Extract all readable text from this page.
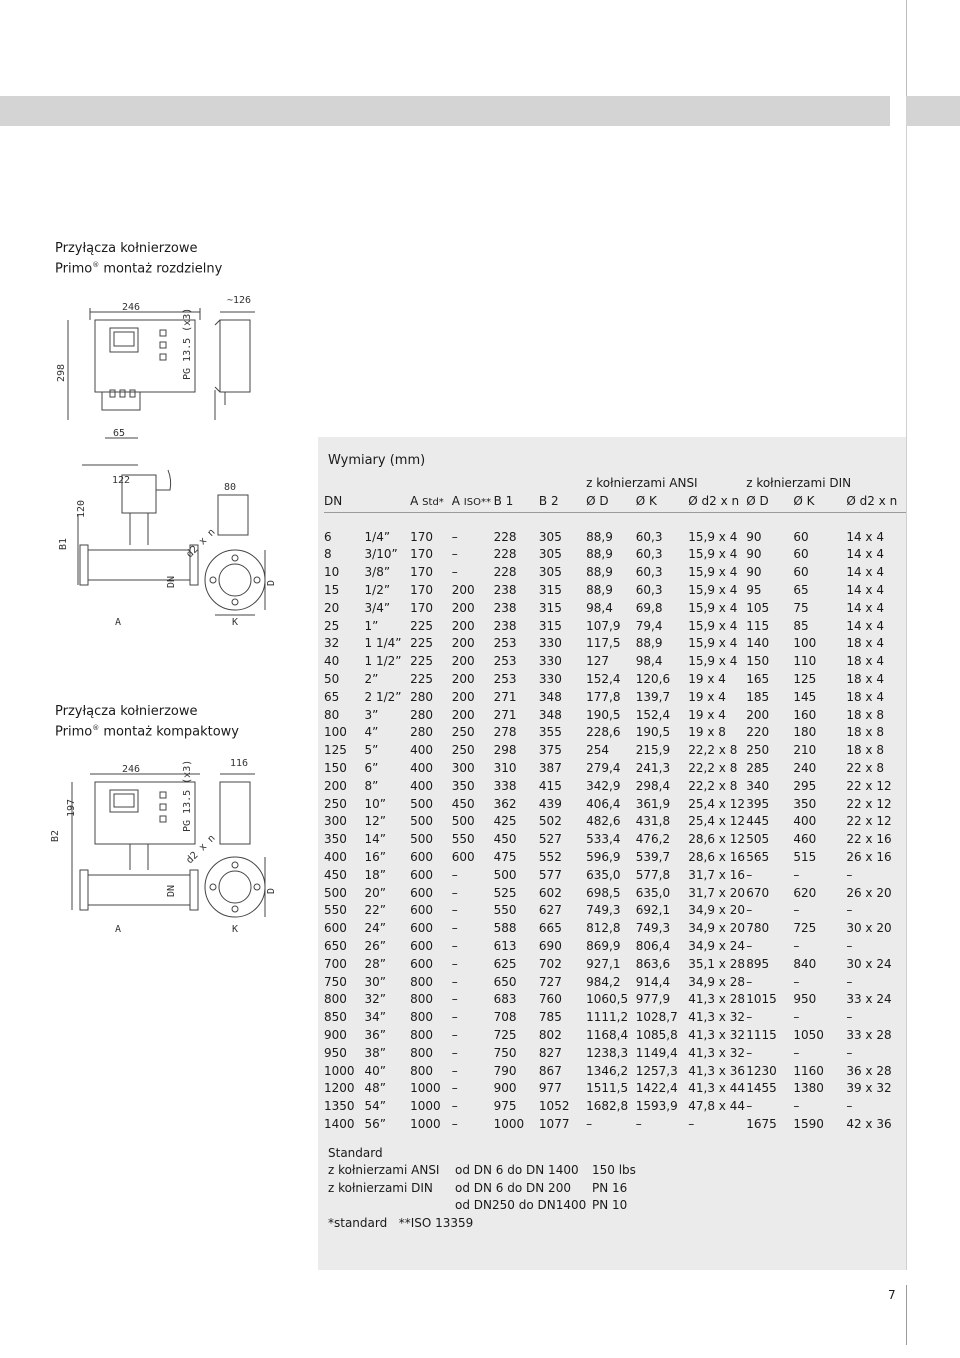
7
Przyłącza kołnierzowe
Primo® montaż rozdzielny
Przyłącza kołnierzowe
Primo® montaż kompaktowy
246
~126
298
65
PG 13.5 (x3)
122
120
80
B1
A
DN
K
D
d2 x n
246
116
197	PG 13.5 (x3)
B2
A
DN
K
D
d2 x n
Wymiary (mm)
						z kołnierzami ANSI			z kołnierzami DIN		
DN		A Std*	A ISO**	B 1	B 2	Ø D	Ø K	Ø d2 x n	Ø D	Ø K	Ø d2 x n

6	1/4”	170	–	228	305	88,9	60,3	15,9 x 4	90	60	14 x 4
8	3/10”	170	–	228	305	88,9	60,3	15,9 x 4	90	60	14 x 4
10	3/8”	170	–	228	305	88,9	60,3	15,9 x 4	90	60	14 x 4
15	1/2”	170	200	238	315	88,9	60,3	15,9 x 4	95	65	14 x 4
20	3/4”	170	200	238	315	98,4	69,8	15,9 x 4	105	75	14 x 4
25	1”	225	200	238	315	107,9	79,4	15,9 x 4	115	85	14 x 4
32	1 1/4”	225	200	253	330	117,5	88,9	15,9 x 4	140	100	18 x 4
40	1 1/2”	225	200	253	330	127	98,4	15,9 x 4	150	110	18 x 4
50	2”	225	200	253	330	152,4	120,6	19 x 4	165	125	18 x 4
65	2 1/2”	280	200	271	348	177,8	139,7	19 x 4	185	145	18 x 4
80	3”	280	200	271	348	190,5	152,4	19 x 4	200	160	18 x 8
100	4”	280	250	278	355	228,6	190,5	19 x 8	220	180	18 x 8
125	5”	400	250	298	375	254	215,9	22,2 x 8	250	210	18 x 8
150	6”	400	300	310	387	279,4	241,3	22,2 x 8	285	240	22 x 8
200	8”	400	350	338	415	342,9	298,4	22,2 x 8	340	295	22 x 12
250	10”	500	450	362	439	406,4	361,9	25,4 x 12	395	350	22 x 12
300	12”	500	500	425	502	482,6	431,8	25,4 x 12	445	400	22 x 12
350	14”	500	550	450	527	533,4	476,2	28,6 x 12	505	460	22 x 16
400	16”	600	600	475	552	596,9	539,7	28,6 x 16	565	515	26 x 16
450	18”	600	–	500	577	635,0	577,8	31,7 x 16	–	–	–
500	20”	600	–	525	602	698,5	635,0	31,7 x 20	670	620	26 x 20
550	22”	600	–	550	627	749,3	692,1	34,9 x 20	–	–	–
600	24”	600	–	588	665	812,8	749,3	34,9 x 20	780	725	30 x 20
650	26”	600	–	613	690	869,9	806,4	34,9 x 24	–	–	–
700	28”	600	–	625	702	927,1	863,6	35,1 x 28	895	840	30 x 24
750	30”	800	–	650	727	984,2	914,4	34,9 x 28	–	–	–
800	32”	800	–	683	760	1060,5	977,9	41,3 x 28	1015	950	33 x 24
850	34”	800	–	708	785	1111,2	1028,7	41,3 x 32	–	–	–
900	36”	800	–	725	802	1168,4	1085,8	41,3 x 32	1115	1050	33 x 28
950	38”	800	–	750	827	1238,3	1149,4	41,3 x 32	–	–	–
1000	40”	800	–	790	867	1346,2	1257,3	41,3 x 36	1230	1160	36 x 28
1200	48”	1000	–	900	977	1511,5	1422,4	41,3 x 44	1455	1380	39 x 32
1350	54”	1000	–	975	1052	1682,8	1593,9	47,8 x 44	–	–	–
1400	56”	1000	–	1000	1077	–	–	–	1675	1590	42 x 36
Standard
z kołnierzami ANSI	od DN 6 do DN 1400	150 lbs
z kołnierzami DIN	od DN 6 do DN 200	PN 16
	od DN250 do DN1400	PN 10
*standard **ISO 13359
